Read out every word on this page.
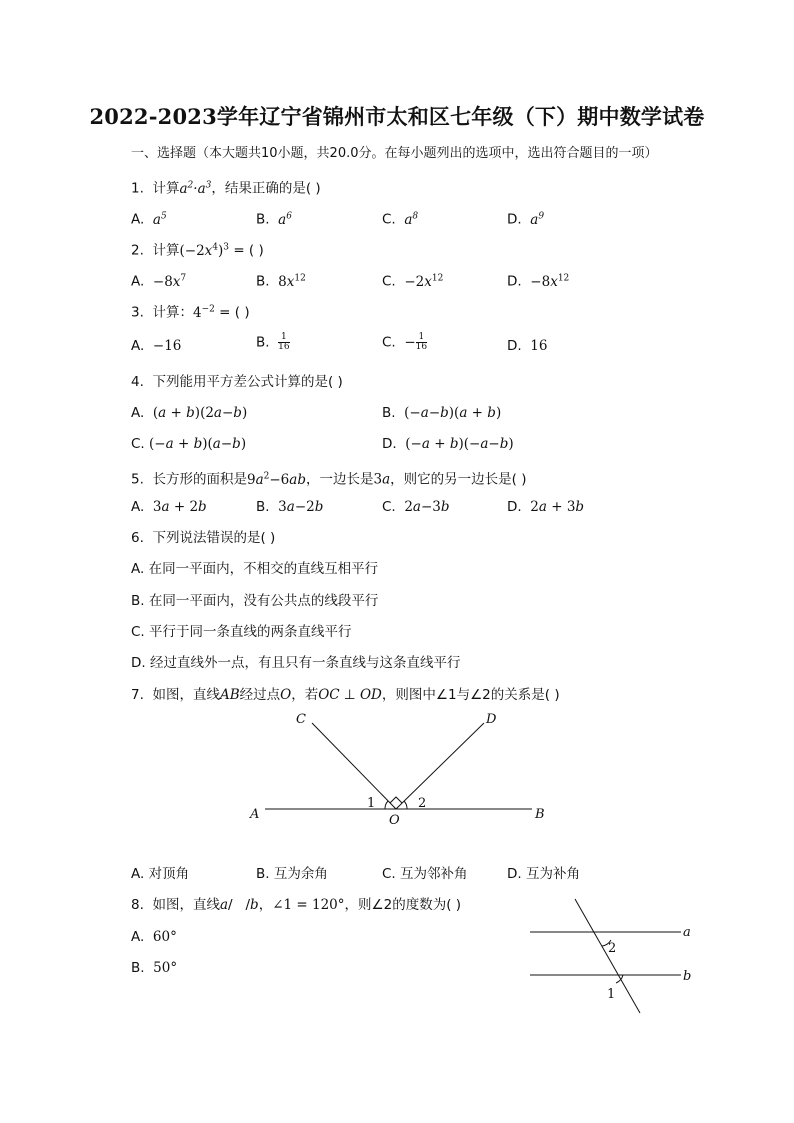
2022-2023学年辽宁省锦州市太和区七年级（下）期中数学试卷
一、选择题（本大题共10小题，共20.0分。在每小题列出的选项中，选出符合题目的一项）
1. 计算$a^2\cdot a^3$，结果正确的是( )
A. $a^5$	B. $a^6$	C. $a^8$	D. $a^9$
2. 计算$(-2x^4)^3$ = ( )
A. $-8x^7$	B. $8x^{12}$	C. $-2x^{12}$	D. $-8x^{12}$
3. 计算：$4^{-2}$ = ( )
A. −16	B. $\frac{1}{16}$	C. − $\frac{1}{16}$	D. 16
4. 下列能用平方差公式计算的是( )
A. (a + b)(2a−b)	B. (−a−b)(a + b)
C. (−a + b)(a−b)	D. (−a + b)(−a−b)
5. 长方形的面积是$9a^2-6ab$，一边长是3a，则它的另一边长是( )
A. 3a + 2b	B. 3a−2b	C. 2a−3b	D. 2a + 3b
6. 下列说法错误的是( )
A. 在同一平面内，不相交的直线互相平行
B. 在同一平面内，没有公共点的线段平行
C. 平行于同一条直线的两条直线平行
D. 经过直线外一点，有且只有一条直线与这条直线平行
7. 如图，直线AB经过点O，若OC ⊥ OD，则图中∠1与∠2的关系是( )
C	D
A	O	B
1	2
A. 对顶角	B. 互为余角	C. 互为邻补角	D. 互为补角
8. 如图，直线a/   /b，∠1 = 120°，则∠2的度数为( )
A. 60°
B. 50°
a
b
2
1
